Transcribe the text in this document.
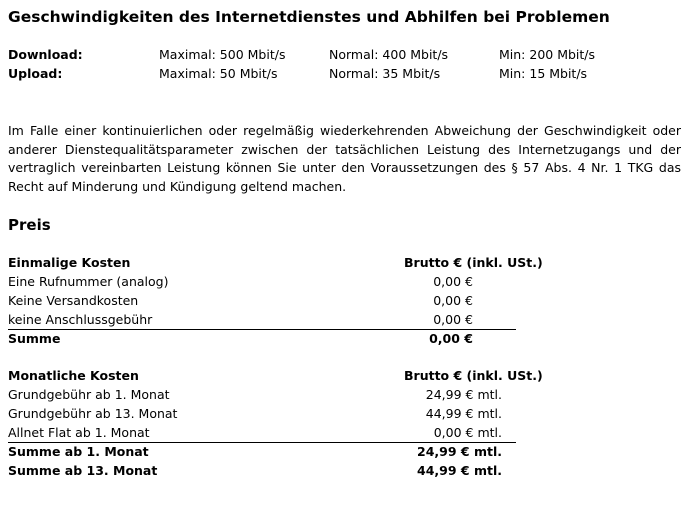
Geschwindigkeiten des Internetdienstes und Abhilfen bei Problemen
Download:	Maximal: 500 Mbit/s	Normal: 400 Mbit/s	Min: 200 Mbit/s
Upload:	Maximal: 50 Mbit/s	Normal: 35 Mbit/s	Min: 15 Mbit/s

Im Falle einer kontinuierlichen oder regelmäßig wiederkehrenden Abweichung der Geschwindigkeit oder anderer Dienstequalitätsparameter zwischen der tatsächlichen Leistung des Internetzugangs und der vertraglich vereinbarten Leistung können Sie unter den Voraussetzungen des § 57 Abs. 4 Nr. 1 TKG das Recht auf Minderung und Kündigung geltend machen.

Preis
Einmalige Kosten	Brutto € (inkl. USt.)
Eine Rufnummer (analog)	0,00 €
Keine Versandkosten	0,00 €
keine Anschlussgebühr	0,00 €
Summe	0,00 €
Monatliche Kosten	Brutto € (inkl. USt.)
Grundgebühr ab 1. Monat	24,99 € mtl.
Grundgebühr ab 13. Monat	44,99 € mtl.
Allnet Flat ab 1. Monat	0,00 € mtl.
Summe ab 1. Monat	24,99 € mtl.
Summe ab 13. Monat	44,99 € mtl.
